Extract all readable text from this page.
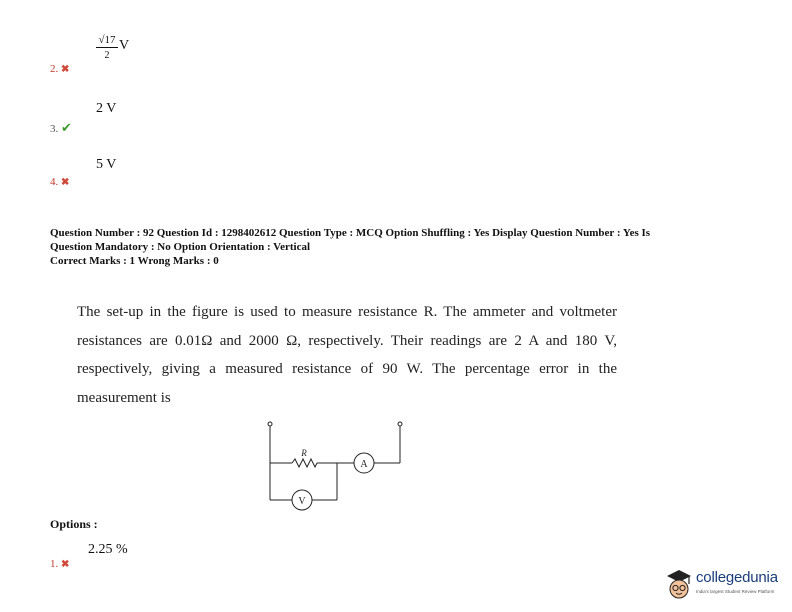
$\frac{√17}{2}$ V
2. ✖
2 V
3. ✔
5 V
4. ✖
Question Number : 92 Question Id : 1298402612 Question Type : MCQ Option Shuffling : Yes Display Question Number : Yes Is
Question Mandatory : No Option Orientation : Vertical
Correct Marks : 1 Wrong Marks : 0
The set-up in the figure is used to measure resistance R. The ammeter and voltmeter resistances are 0.01Ω and 2000 Ω, respectively. Their readings are 2 A and 180 V, respectively, giving a measured resistance of 90 W. The percentage error in the measurement is
R
A
V
Options :
2.25 %
1. ✖
collegedunia
India's largest Student Review Platform
